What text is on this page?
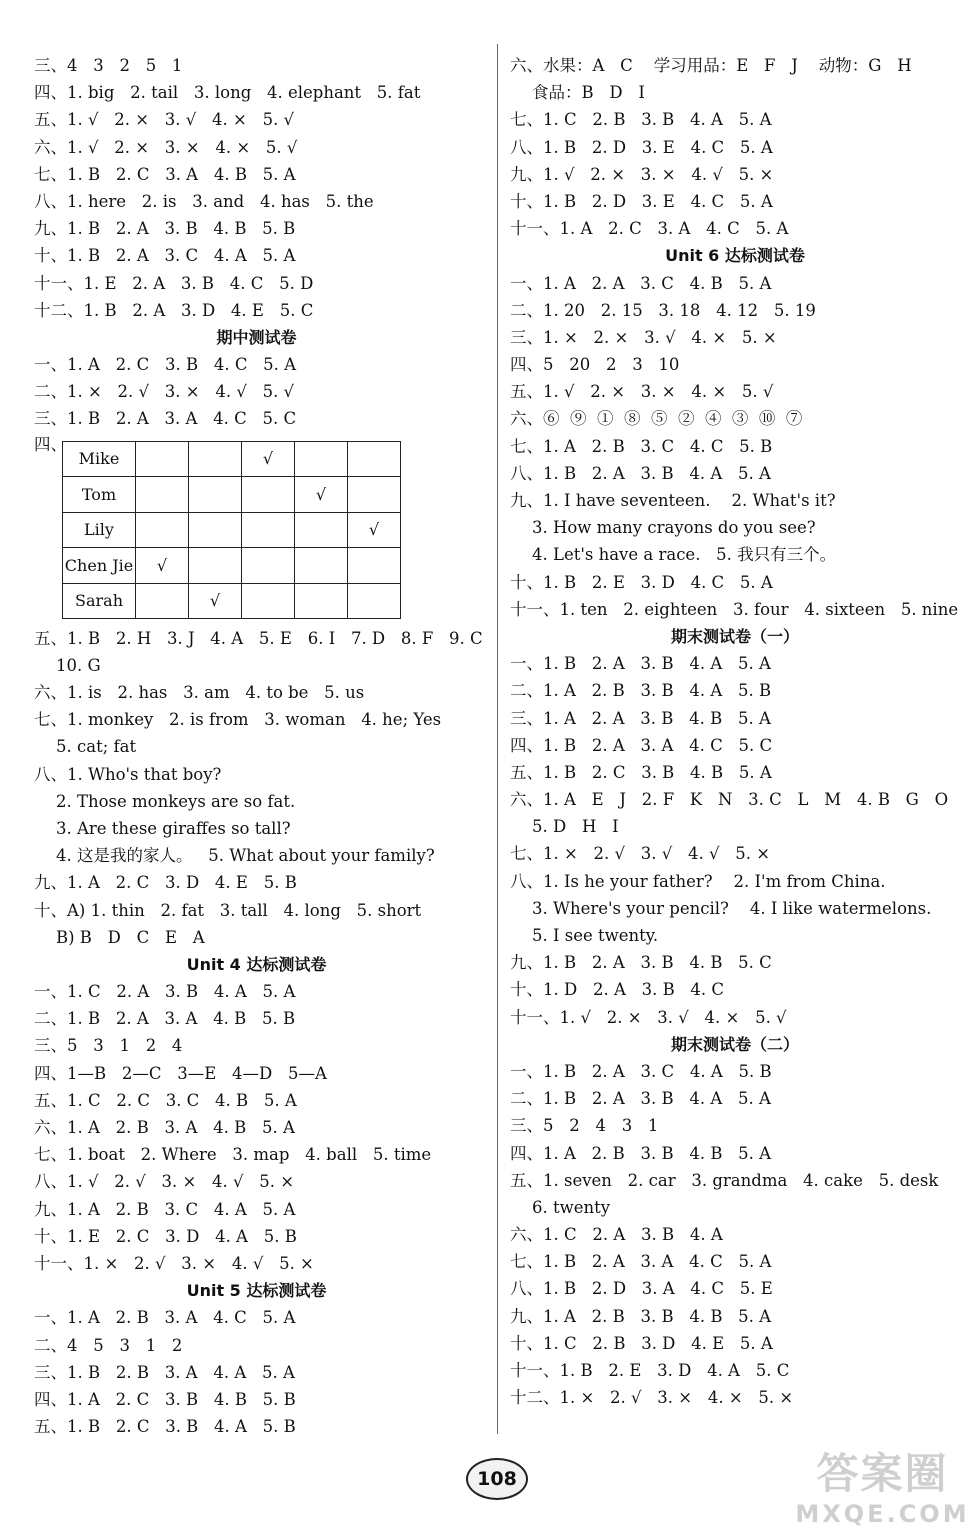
三、4   3   2   5   1
四、1. big   2. tail   3. long   4. elephant   5. fat
五、1. √   2. ×   3. √   4. ×   5. √
六、1. √   2. ×   3. ×   4. ×   5. √
七、1. B   2. C   3. A   4. B   5. A
八、1. here   2. is   3. and   4. has   5. the
九、1. B   2. A   3. B   4. B   5. B
十、1. B   2. A   3. C   4. A   5. A
十一、1. E   2. A   3. B   4. C   5. D
十二、1. B   2. A   3. D   4. E   5. C
期中测试卷
一、1. A   2. C   3. B   4. C   5. A
二、1. ×   2. √   3. ×   4. √   5. √
三、1. B   2. A   3. A   4. C   5. C
四、
Mike			√		
Tom				√	
Lily					√
Chen Jie	√				
Sarah		√			
五、1. B   2. H   3. J   4. A   5. E   6. I   7. D   8. F   9. C
10. G
六、1. is   2. has   3. am   4. to be   5. us
七、1. monkey   2. is from   3. woman   4. he; Yes
5. cat; fat
八、1. Who's that boy?
2. Those monkeys are so fat.
3. Are these giraffes so tall?
4. 这是我的家人。   5. What about your family?
九、1. A   2. C   3. D   4. E   5. B
十、A) 1. thin   2. fat   3. tall   4. long   5. short
B) B   D   C   E   A
Unit 4 达标测试卷
一、1. C   2. A   3. B   4. A   5. A
二、1. B   2. A   3. A   4. B   5. B
三、5   3   1   2   4
四、1—B   2—C   3—E   4—D   5—A
五、1. C   2. C   3. C   4. B   5. A
六、1. A   2. B   3. A   4. B   5. A
七、1. boat   2. Where   3. map   4. ball   5. time
八、1. √   2. √   3. ×   4. √   5. ×
九、1. A   2. B   3. C   4. A   5. A
十、1. E   2. C   3. D   4. A   5. B
十一、1. ×   2. √   3. ×   4. √   5. ×
Unit 5 达标测试卷
一、1. A   2. B   3. A   4. C   5. A
二、4   5   3   1   2
三、1. B   2. B   3. A   4. A   5. A
四、1. A   2. C   3. B   4. B   5. B
五、1. B   2. C   3. B   4. A   5. B
六、水果：A   C    学习用品：E   F   J    动物：G   H
食品：B   D   I
七、1. C   2. B   3. B   4. A   5. A
八、1. B   2. D   3. E   4. C   5. A
九、1. √   2. ×   3. ×   4. √   5. ×
十、1. B   2. D   3. E   4. C   5. A
十一、1. A   2. C   3. A   4. C   5. A
Unit 6 达标测试卷
一、1. A   2. A   3. C   4. B   5. A
二、1. 20   2. 15   3. 18   4. 12   5. 19
三、1. ×   2. ×   3. √   4. ×   5. ×
四、5   20   2   3   10
五、1. √   2. ×   3. ×   4. ×   5. √
六、⑥  ⑨  ①  ⑧  ⑤  ②  ④  ③  ⑩  ⑦
七、1. A   2. B   3. C   4. C   5. B
八、1. B   2. A   3. B   4. A   5. A
九、1. I have seventeen.    2. What's it?
3. How many crayons do you see?
4. Let's have a race.   5. 我只有三个。
十、1. B   2. E   3. D   4. C   5. A
十一、1. ten   2. eighteen   3. four   4. sixteen   5. nine
期末测试卷（一）
一、1. B   2. A   3. B   4. A   5. A
二、1. A   2. B   3. B   4. A   5. B
三、1. A   2. A   3. B   4. B   5. A
四、1. B   2. A   3. A   4. C   5. C
五、1. B   2. C   3. B   4. B   5. A
六、1. A   E   J   2. F   K   N   3. C   L   M   4. B   G   O
5. D   H   I
七、1. ×   2. √   3. √   4. √   5. ×
八、1. Is he your father?    2. I'm from China.
3. Where's your pencil?    4. I like watermelons.
5. I see twenty.
九、1. B   2. A   3. B   4. B   5. C
十、1. D   2. A   3. B   4. C
十一、1. √   2. ×   3. √   4. ×   5. √
期末测试卷（二）
一、1. B   2. A   3. C   4. A   5. B
二、1. B   2. A   3. B   4. A   5. A
三、5   2   4   3   1
四、1. A   2. B   3. B   4. B   5. A
五、1. seven   2. car   3. grandma   4. cake   5. desk
6. twenty
六、1. C   2. A   3. B   4. A
七、1. B   2. A   3. A   4. C   5. A
八、1. B   2. D   3. A   4. C   5. E
九、1. A   2. B   3. B   4. B   5. A
十、1. C   2. B   3. D   4. E   5. A
十一、1. B   2. E   3. D   4. A   5. C
十二、1. ×   2. √   3. ×   4. ×   5. ×
108	答案圈
MXQE.COM
